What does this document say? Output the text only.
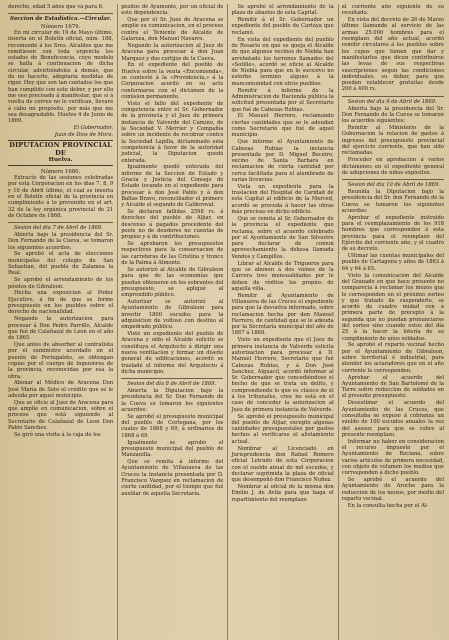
derecho, edad 5 años que vá para 6.

Seccion de Estadística.—Circular.
Número 1679.

En mi circular de 19 de Mayo último, inserta en el Boletín oficial, núm. 188, recomendé á los Sres. Alcaldes que me remitiesen con toda urgencia los estados de Beneficencia, cuyo modelo se halla á continuacion de dicha circular, advirtiéndoles á demás, que de no hacerlo, adoptaria medidas de rigor. Hoy que son tan contados los que han cumplido con este deber, y por ello me veo precisado á manifestar, que si á vuelta de correo no lo verifican, llevaré á cabo mi propósito, por más que me sea desagradable. Huelva 4 de Junio de 1869.

El Gobernador,

Juan de Dios de Mora.

DIPUTACION PROVINCIAL DE
Huelva.
Número 1680.

Extracto de las sesiones celebradas por esta Corporacion en los dias 7, 8, 9 y 10 de Abril último, el cual se inserta en el Boletín oficial de la provincia en cumplimiento á lo prevenido en el art. 32 de la ley orgánica provincial de 21 de Octubre de 1868.

Sesion del dia 7 de Abril de 1869.

Abierta bajo la presidencia del Sr. Don Fernando de la Cueva, se tomaron los siguientes acuerdos:

Se aprobó el acta de elecciones municipales del colegio de San Sebastian, del pueblo de Zalamea la Real.

Se aprobó el arrendamiento de los pósitos de Gibraleon.

Hecha una exposicion al Poder Ejecutivo, á fin de que se forme presupuesto en los pueblos sobre el derecho de nacionalidad.

Negando la autorizacion para procesar á Don Pedro Parrillo, Alcalde que fué de Calañazal de Leon en el año de 1865.

Que antes de absorber al contratista por el suministro acordado en el puente de Portugalete, se obtengan copias por el cuerpo de Ingenieros de la provincia, reconocidas por esa la obra.

Abonar al Médico de Aracena Don José María de Soto el crédito que se le adeuda por aquel municipio.

Que se oficie al Juez de Aracena para que amplíe en comunicacion, sobre el proceso que está siguiendo al Secretario de Calañazal de Leon Don Pablo Sanchez.

Se giró una visita á la caja de los

pósitos de Ayamonte, por un oficial de este dependencia.

Que por el Sr. Juez de Aracena se amplíe su comunicacion, en el proceso contra el Teniente de Alcalde de Galaroza, don Manuel Navarro.

Negando la autorizacion al Juez de Aracena para procesar á don Juan Marquez y dos cortijos de la Cueva.

En el expediente del pueblo de Huelva sobre la venta «Encomienda», se contestó á la «Providencia,» á la Corporacion acordó en su acto conformarse con el dictámen de la comision permanente.

Visto el fallo del expediente de competencia entre el Sr. Gobernador de la provincia y el Juez de primera instancia de Valverde del Camino, de la Sociedad V. Merrier y Compañía sobre un incidente de recobrar contra la Sociedad Lapilla, dictaminado esta competencia á favor de la autoridad judicial, la Diputacion quedó enterada.

Igualmente quedó enterada del informe de la Seccion de Estado y Gracia y Justicia del Consejo de Estado tocando en el expediente para procesar á don José Pablo y á don Baltas Bravo, reconciliador el primero y Alcalde el segundo de Calderoval.

Se declaran fallidas 2598 rs. á derechos del pueblo de Aljiar, en descenso á pagados procedente del poste no de deudores no cuentas de propios y á de contribuciones.

Se aprobaron los presupuestos respectivos para la conservacion de las carreteras de las Cristina y tronco de la Palma á Almonte.

Se autorizó al Alcalde de Gibraleon para que de las economías que puedan obtenerse en los sobrantes del presupuesto, se apliqué al emprendido público.

Autorizar se autorizó al Ayuntamiento de Gibraleon para invertir 1800 escudos para la adquisicion de voltoso con destino al empedrado público.

Visto un expediente del pueblo de Aracena y oído el Alcalde solicito se constituya el Arquitecto á dirigir una nueva ventilacion y formar un diseño general de edificaciones, acordó se trasladé el informe del Arquitecto á dicha municipio.

Sesion del dia 8 de Abril de 1869.

Abierta la Diputacion bajo la presidencia del Sr. Don Fernando de la Cueva se tomaron los siguientes acuerdos:

Se aprobó el presupuesto municipal del pueblo de Cortegana, por los cuales de 1868 y 69, á ordinarios de 1868 á 69.

Igualmente se aprobó el presupuesto municipal del pueblo de Manzanilla.

Que se remita á informe del Ayuntamiento de Villanueva de las Cruces la instancia presentada por D. Francisco Vazquez en reclamacion de cierto cantidad, por el tiempo que fué auxiliar de aquella Secretaría.

Se aprobó el arrendamiento de la plaza de abastos de esta Capital.

Remitir á el Sr. Gobernador un expediente del pueblo de Cartaya que reclamó.

En vista del expediente del pueblo de Rosario en que se queja el Alcalde de que algunos vecinos de Niebla han arrebatado los terrenos llamados del «Sotillo», acordó se oficie al Alcalde de Niebla para que en lo sucesivo no estorbe termino alguno á la mancomunidad con otros pueblos.

Remitir á informe de la Administracion de Hacienda pública la solicitud presentada por el Secretario que fué de Cabezas Rubias.

El Manuel Herrero, reclamando ciertas cantidades que se le adeudan como Secretario que fué de aquel municipio.

Que informe el Ayuntamiento de Cabezas Rubias la instancia presentada por D. Miguel Beceiro, vecino de Santa Barbara en reclamacion de cierta cantidad por cerca facilitada para el alumbrado de varias licencias.

Vista un expediente para la traslacion del Hospital de Caridad de esta Capital al edificio de la Merced, acordó se proceda á hacer las obras más precisas en dicho edificio.

Que se remita al Sr. Gobernador de la provincia el expediente que reclama, sobre el acuerdo celebrado por el Ayuntamiento de San Silvestre para declarar de comun aprovechamiento la dehesa llamada Vendos y Campillos.

Librar al Alcalde de Trigueros para que se abonen á dos vienes de la Carrera tres mensualidades por le deben de réditos los propios de aquella villa.

Remitir al Ayuntamiento de Villanueva de las Cruces el expediente para que la devuelva informado, sobre reclamacion hecha por don Manuel Herrero, de cantidad que se le adeuda por la Secretaría municipal del año de 1867 á 1868.

Visto un expediente que el Juez de primera instancia de Valverde solicita autorizacion para procesar á D. Manuel Herrero, Secretario que fué Cabezas Rubias, y á Don José Sanchez, Alguacil, acordó informar al Sr. Gobernador que concediéndose el hecho de que se trata un delito, y comprendiendo lo que es clásico de él á los tribunales, cree no está en el caso de conceder la autorizacion al Juez de primera instancia de Valverde.

Se aprobó el presupuesto municipal del pueblo de Aljiar, excepto algunas cantidades presupuestales por gastos hechos al verificarse el alistamiento actual.

Nombrar al Licenciado en Jurisprudencia don Rafael Romero oficial Letrado de esta Corporacion con el sueldo anual de mil escudos, y declarar suprimida la plaza de oficial que desempeñó don Francisco Nuñez.

Nombrar al oficial de la misma don Emilio J. de Avila para que haga el repartimiento del reemplazo

al corriente año siguiente de su resultado.

En vista del decreto de 26 de Marzo último llamando al servicio de las armas 25.000 hombres para el reemplazo del año actual, acordó remitir circulares á los pueblos sobre los cupos que tienen que dar y manifestarles que dicen contribuirse las levas de sus respectivas suscripciones segun las condiciones individuales, su deber, para que puedan establecer gratuitas desde 200 á 400 rs.

Sesion del dia 9 de Abril de 1869.

Abierta bajo la presidencia del Sr. Don Fernando de la Cueva se tomaron los acuerdos siguientes:

Remitir al Ministerio de la Gobernacion la relacion de gastos á ingresos del presupuesto provincial del ejercicio corriente, que han sido reclamadas.

Proceder en aprobacion á varios dictámenes en el expediente general de adopciones de niños expósitos.

Sesion del dia 10 de Abril de 1869.

Reunida la Diputacion bajo la presidencia del Sr. don Fernando de la Cueva se tomaron los siguientes acuerdos:

Aprobar el expediente instruido para el reemplazamiento de los 918 hombres que corresponden á esta provincia para el reemplazo del Ejército del corriente año, y el cuadro de su decreto.

Ultimar las cuentas municipales del pueblo de Cartagena y años de 1863 á 64 y 64 á 65.

Visto la comunicacion del Alcalde del Granado en que hace presente no comparecia á reclamar los mozos que le corresponden en el próximo sorteo y que tratado de suspenderlo, se acordó de cuadro midad con á primera parte de precepto á la segunda que no puedan pronunciarse del sorteo sino cuando estos del día 25 á la hacer la lotería de su cumplimiento de unos soldados.

Se aprobó el reparto vecinal hecho por el Ayuntamiento de Gibraleon, sobre territorial é industrial, para atender los aclaradores que en el año corriente le corresponden.

Aprobar el acuerdo del Ayuntamiento de San Bartolomé de la Torre sobre reduccion de soldados en el presente presupuesto.

Desestimar el acuerdo del Ayuntamiento de las Cruces, que consultaba se expuso á cobranza un sueldo de 100 escudos anuales la vez del asesor, para que se cobre al presente reemplazo.

Informar no haber en consideracion el recurso impuesto por el Ayuntamiento de Rociana, sobre varios artículos de primera necesidad, con objeto de volumen los medios que corresponden á dicho pueblo.

Se aprobó el acuerdo del Ayuntamiento de Aroche para la reduccion de los mozos, por medio del reparto vecinal.

En la consulta hecha por el Al-
